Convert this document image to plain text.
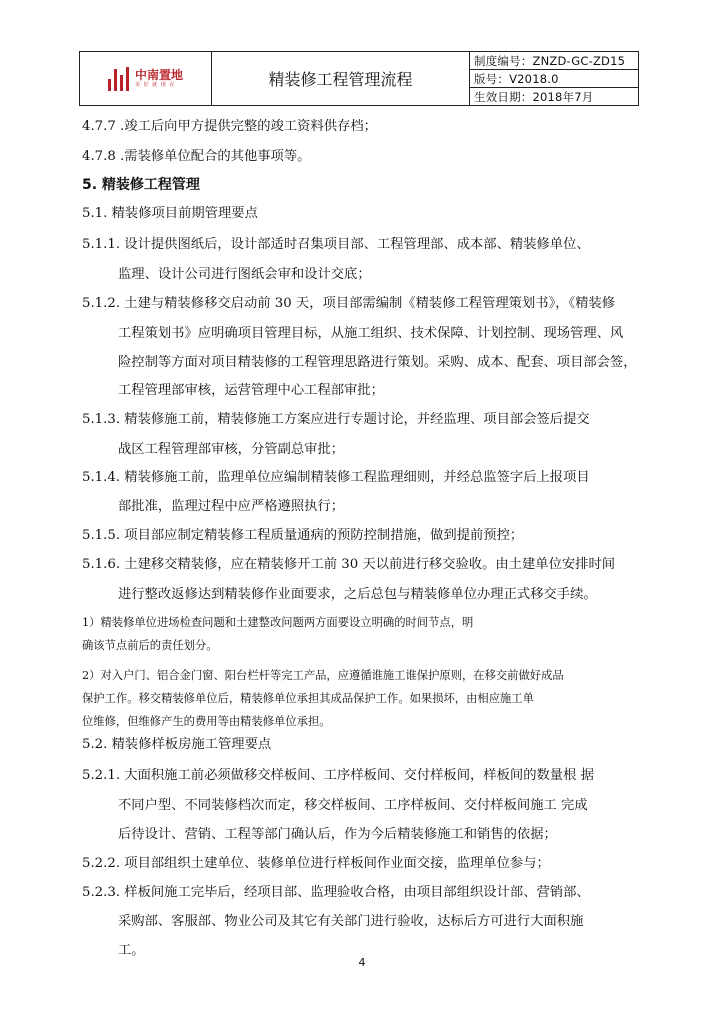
中南置地
美 好 就 现 在	精装修工程管理流程
制度编号：ZNZD-GC-ZD15
版号：V2018.0
生效日期：2018年7月
4.7.7 .竣工后向甲方提供完整的竣工资料供存档；
4.7.8 .需装修单位配合的其他事项等。
5. 精装修工程管理
5.1. 精装修项目前期管理要点
5.1.1. 设计提供图纸后，设计部适时召集项目部、工程管理部、成本部、精装修单位、
监理、设计公司进行图纸会审和设计交底；
5.1.2. 土建与精装修移交启动前 30 天，项目部需编制《精装修工程管理策划书》，《精装修
工程策划书》应明确项目管理目标，从施工组织、技术保障、计划控制、现场管理、风
险控制等方面对项目精装修的工程管理思路进行策划。采购、成本、配套、项目部会签，
工程管理部审核，运营管理中心工程部审批；
5.1.3. 精装修施工前，精装修施工方案应进行专题讨论，并经监理、项目部会签后提交
战区工程管理部审核，分管副总审批；
5.1.4. 精装修施工前，监理单位应编制精装修工程监理细则，并经总监签字后上报项目
部批准，监理过程中应严格遵照执行；
5.1.5. 项目部应制定精装修工程质量通病的预防控制措施，做到提前预控；
5.1.6. 土建移交精装修，应在精装修开工前 30 天以前进行移交验收。由土建单位安排时间
进行整改返修达到精装修作业面要求，之后总包与精装修单位办理正式移交手续。
1）精装修单位进场检查问题和土建整改问题两方面要设立明确的时间节点，明
确该节点前后的责任划分。
2）对入户门、铝合金门窗、阳台栏杆等完工产品，应遵循谁施工谁保护原则，在移交前做好成品
保护工作。移交精装修单位后，精装修单位承担其成品保护工作。如果损坏，由相应施工单
位维修，但维修产生的费用等由精装修单位承担。
5.2. 精装修样板房施工管理要点
5.2.1. 大面积施工前必须做移交样板间、工序样板间、交付样板间，样板间的数量根 据
不同户型、不同装修档次而定，移交样板间、工序样板间、交付样板间施工 完成
后待设计、营销、工程等部门确认后，作为今后精装修施工和销售的依据；
5.2.2. 项目部组织土建单位、装修单位进行样板间作业面交接，监理单位参与；
5.2.3. 样板间施工完毕后，经项目部、监理验收合格，由项目部组织设计部、营销部、
采购部、客服部、物业公司及其它有关部门进行验收，达标后方可进行大面积施
工。
4
